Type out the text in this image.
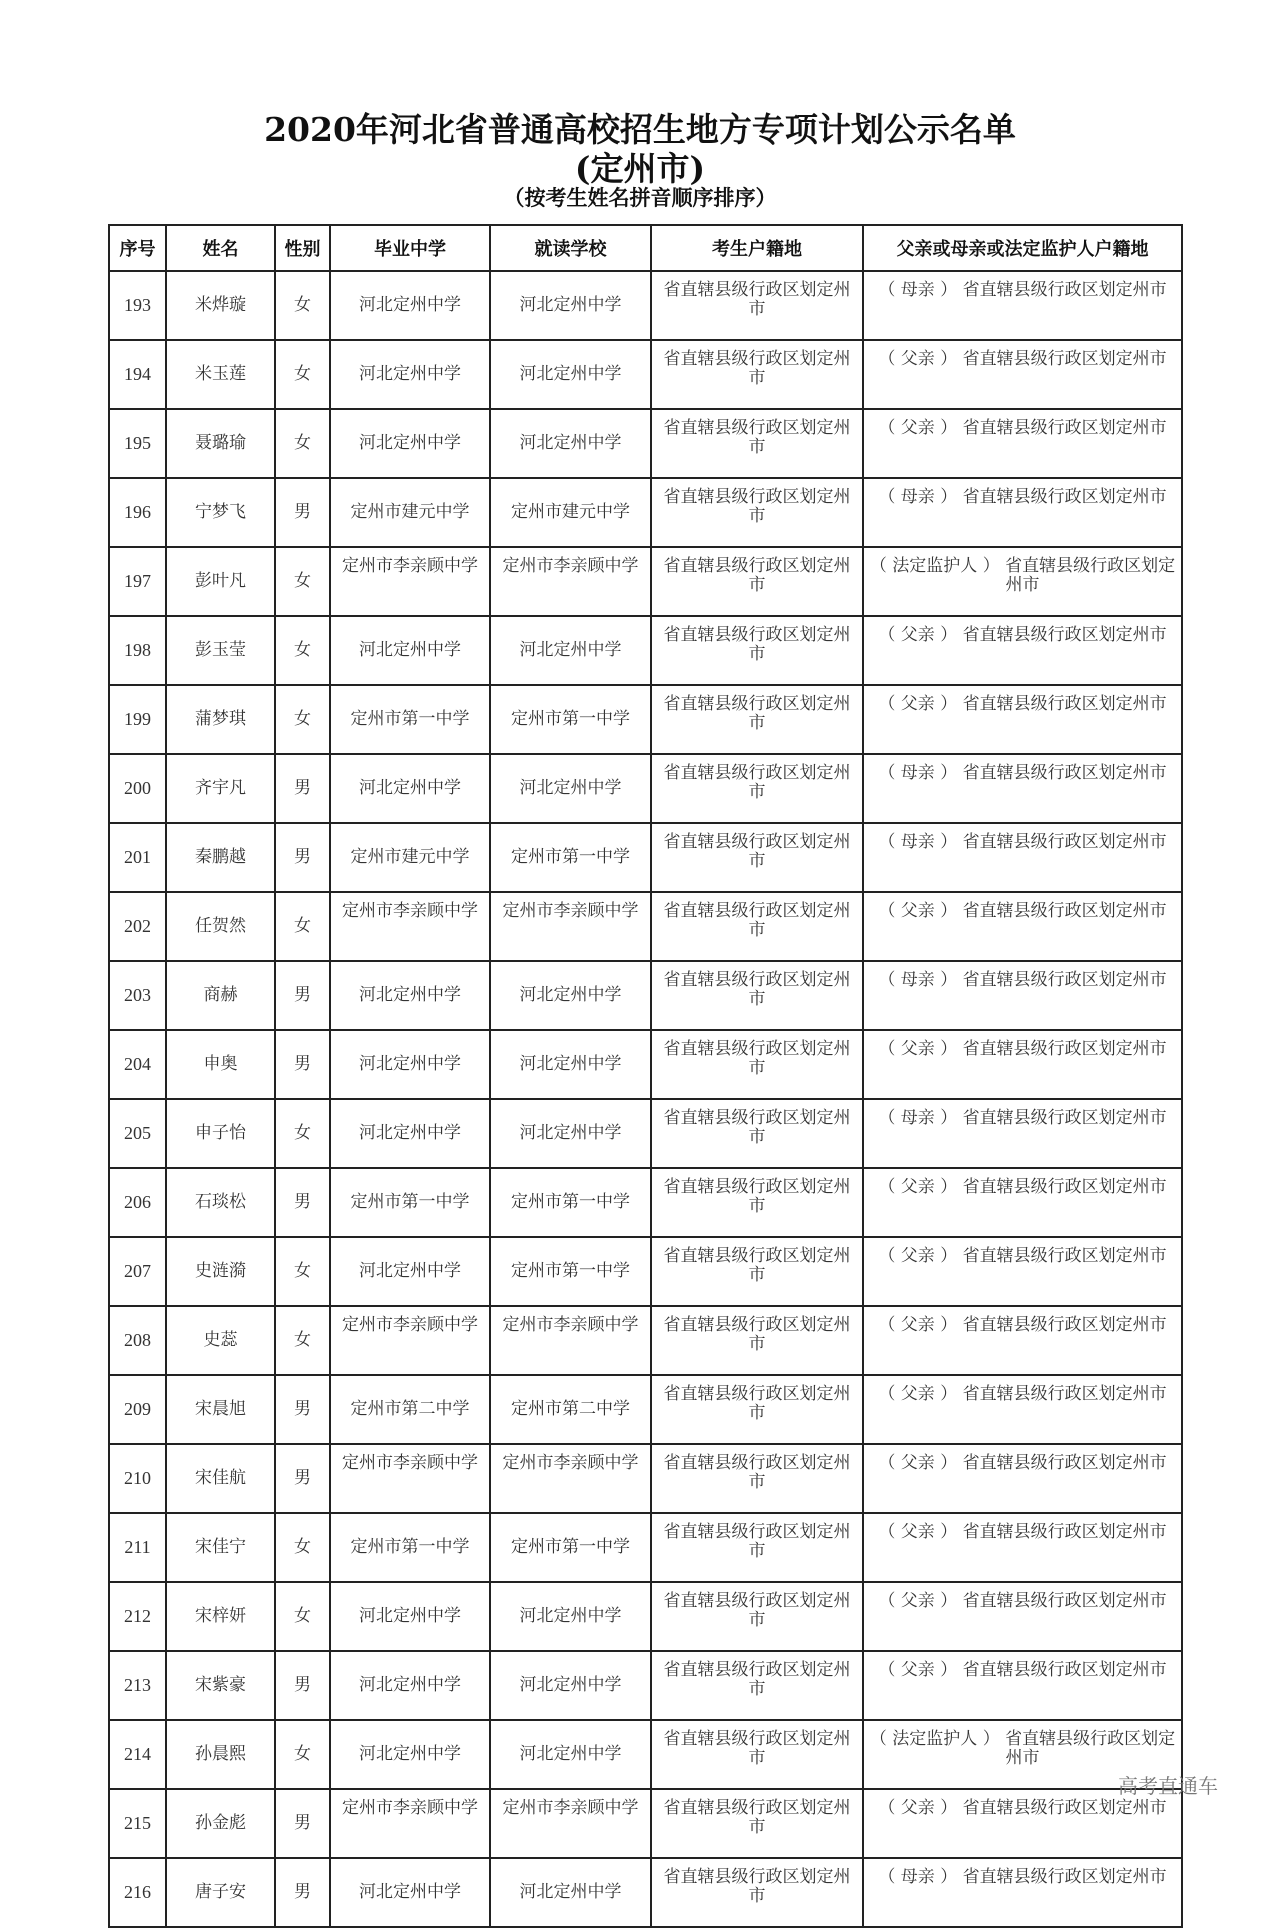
2020年河北省普通高校招生地方专项计划公示名单
(定州市)
（按考生姓名拼音顺序排序）
序号	姓名	性别	毕业中学	就读学校	考生户籍地	父亲或母亲或法定监护人户籍地
193	米烨璇	女	河北定州中学	河北定州中学	省直辖县级行政区划定州市	（ 母亲 ） 省直辖县级行政区划定州市
194	米玉莲	女	河北定州中学	河北定州中学	省直辖县级行政区划定州市	（ 父亲 ） 省直辖县级行政区划定州市
195	聂璐瑜	女	河北定州中学	河北定州中学	省直辖县级行政区划定州市	（ 父亲 ） 省直辖县级行政区划定州市
196	宁梦飞	男	定州市建元中学	定州市建元中学	省直辖县级行政区划定州市	（ 母亲 ） 省直辖县级行政区划定州市
197	彭叶凡	女	定州市李亲顾中学	定州市李亲顾中学	省直辖县级行政区划定州市	（ 法定监护人 ） 省直辖县级行政区划定州市
198	彭玉莹	女	河北定州中学	河北定州中学	省直辖县级行政区划定州市	（ 父亲 ） 省直辖县级行政区划定州市
199	蒲梦琪	女	定州市第一中学	定州市第一中学	省直辖县级行政区划定州市	（ 父亲 ） 省直辖县级行政区划定州市
200	齐宇凡	男	河北定州中学	河北定州中学	省直辖县级行政区划定州市	（ 母亲 ） 省直辖县级行政区划定州市
201	秦鹏越	男	定州市建元中学	定州市第一中学	省直辖县级行政区划定州市	（ 母亲 ） 省直辖县级行政区划定州市
202	任贺然	女	定州市李亲顾中学	定州市李亲顾中学	省直辖县级行政区划定州市	（ 父亲 ） 省直辖县级行政区划定州市
203	商赫	男	河北定州中学	河北定州中学	省直辖县级行政区划定州市	（ 母亲 ） 省直辖县级行政区划定州市
204	申奥	男	河北定州中学	河北定州中学	省直辖县级行政区划定州市	（ 父亲 ） 省直辖县级行政区划定州市
205	申子怡	女	河北定州中学	河北定州中学	省直辖县级行政区划定州市	（ 母亲 ） 省直辖县级行政区划定州市
206	石琰松	男	定州市第一中学	定州市第一中学	省直辖县级行政区划定州市	（ 父亲 ） 省直辖县级行政区划定州市
207	史涟漪	女	河北定州中学	定州市第一中学	省直辖县级行政区划定州市	（ 父亲 ） 省直辖县级行政区划定州市
208	史蕊	女	定州市李亲顾中学	定州市李亲顾中学	省直辖县级行政区划定州市	（ 父亲 ） 省直辖县级行政区划定州市
209	宋晨旭	男	定州市第二中学	定州市第二中学	省直辖县级行政区划定州市	（ 父亲 ） 省直辖县级行政区划定州市
210	宋佳航	男	定州市李亲顾中学	定州市李亲顾中学	省直辖县级行政区划定州市	（ 父亲 ） 省直辖县级行政区划定州市
211	宋佳宁	女	定州市第一中学	定州市第一中学	省直辖县级行政区划定州市	（ 父亲 ） 省直辖县级行政区划定州市
212	宋梓妍	女	河北定州中学	河北定州中学	省直辖县级行政区划定州市	（ 父亲 ） 省直辖县级行政区划定州市
213	宋紫豪	男	河北定州中学	河北定州中学	省直辖县级行政区划定州市	（ 父亲 ） 省直辖县级行政区划定州市
214	孙晨熙	女	河北定州中学	河北定州中学	省直辖县级行政区划定州市	（ 法定监护人 ） 省直辖县级行政区划定州市
215	孙金彪	男	定州市李亲顾中学	定州市李亲顾中学	省直辖县级行政区划定州市	（ 父亲 ） 省直辖县级行政区划定州市
216	唐子安	男	河北定州中学	河北定州中学	省直辖县级行政区划定州市	（ 母亲 ） 省直辖县级行政区划定州市
高考直通车
